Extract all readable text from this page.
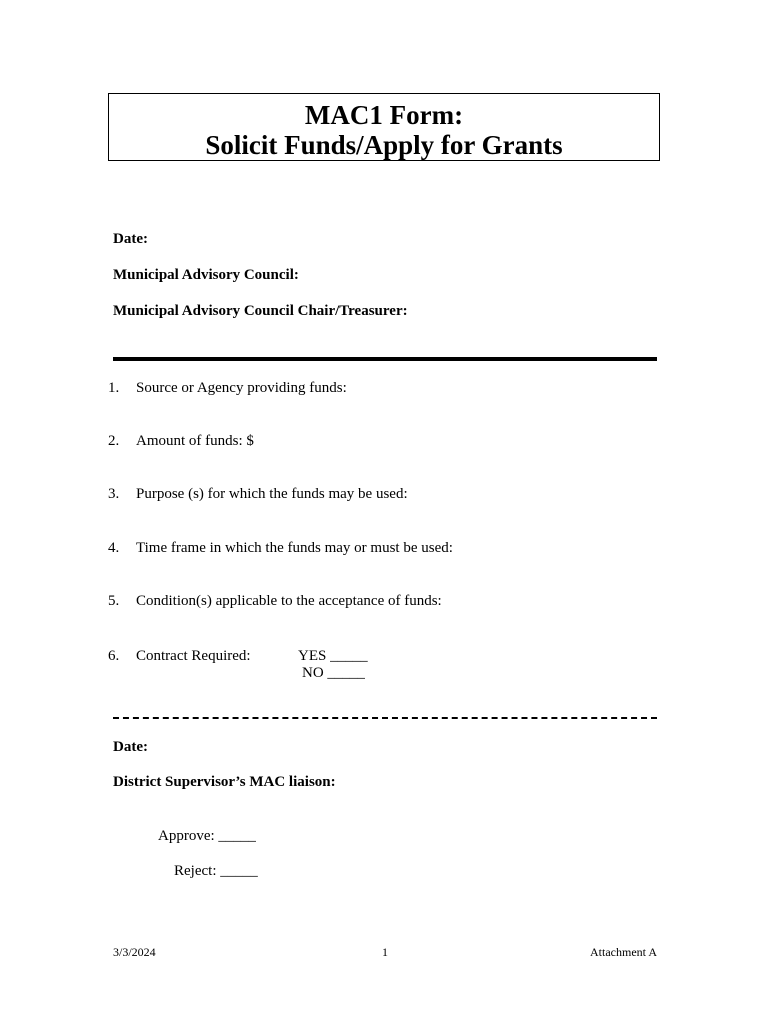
MAC1 Form:
Solicit Funds/Apply for Grants
Date:
Municipal Advisory Council:
Municipal Advisory Council Chair/Treasurer:
1. Source or Agency providing funds:
2. Amount of funds: $
3. Purpose (s) for which the funds may be used:
4. Time frame in which the funds may or must be used:
5. Condition(s) applicable to the acceptance of funds:
6. Contract Required:	YES _____
NO _____
Date:
District Supervisor’s MAC liaison:
Approve: _____
Reject: _____
3/3/2024	1	Attachment A
